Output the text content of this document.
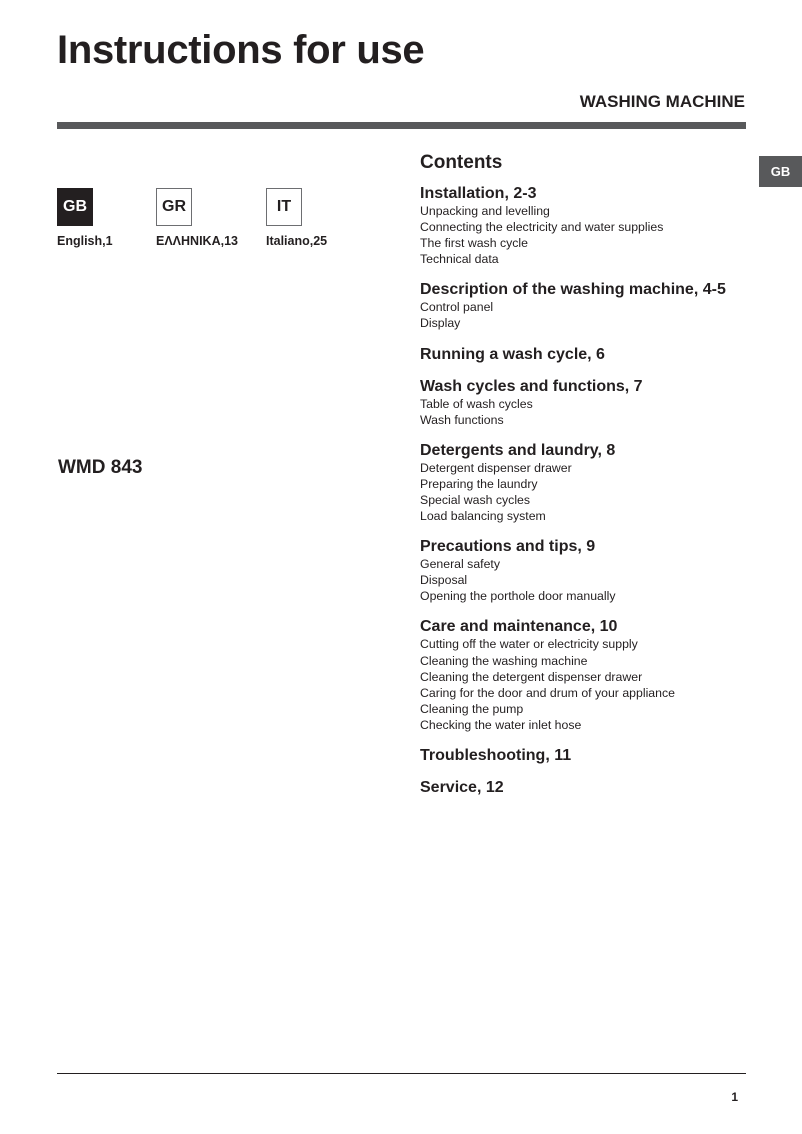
Instructions for use
WASHING MACHINE
GB
GB
English,1
GR
ΕΛΛΗΝΙΚΑ,13
IT
Italiano,25
WMD 843
Contents
Installation, 2-3
Unpacking and levelling
Connecting the electricity and water supplies
The first wash cycle
Technical data
Description of the washing machine, 4-5
Control panel
Display
Running a wash cycle, 6
Wash cycles and functions, 7
Table of wash cycles
Wash functions
Detergents and laundry, 8
Detergent dispenser drawer
Preparing the laundry
Special wash cycles
Load balancing system
Precautions and tips, 9
General safety
Disposal
Opening the porthole door manually
Care and maintenance, 10
Cutting off the water or electricity supply
Cleaning the washing machine
Cleaning the detergent dispenser drawer
Caring for the door and drum of your appliance
Cleaning the pump
Checking the water inlet hose
Troubleshooting, 11
Service, 12
1
